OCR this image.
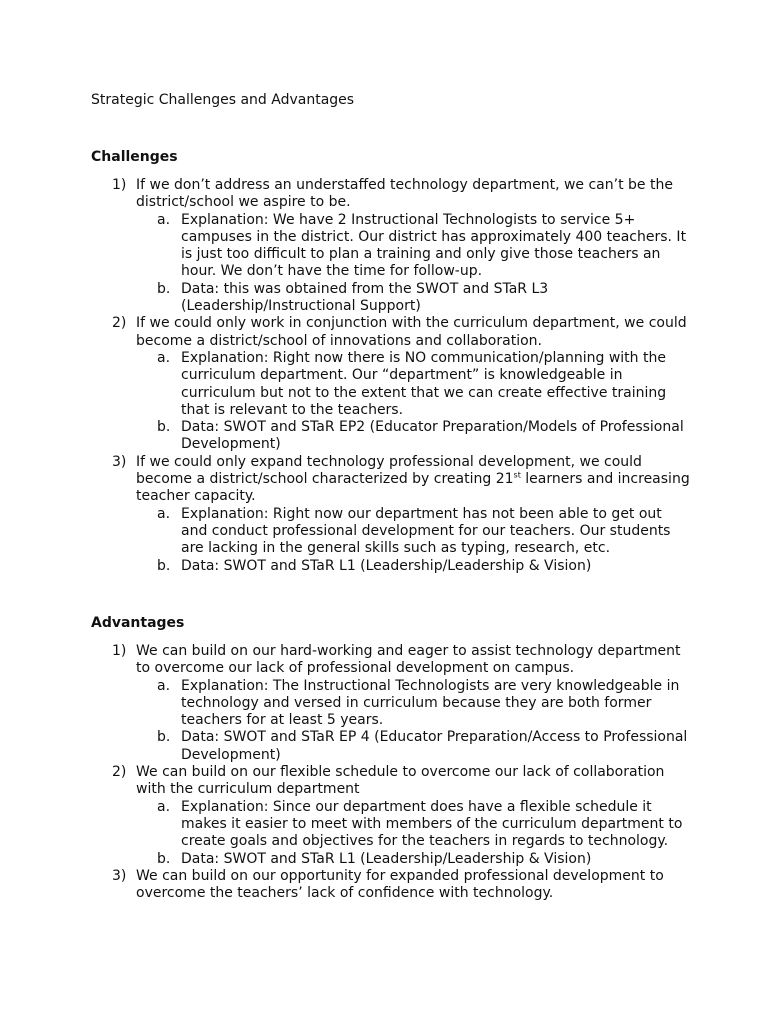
Strategic Challenges and Advantages
Challenges
1) If we don’t address an understaffed technology department, we can’t be the district/school we aspire to be.
a. Explanation: We have 2 Instructional Technologists to service 5+ campuses in the district. Our district has approximately 400 teachers. It is just too difficult to plan a training and only give those teachers an hour. We don’t have the time for follow-up.
b. Data: this was obtained from the SWOT and STaR L3 (Leadership/Instructional Support)
2) If we could only work in conjunction with the curriculum department, we could become a district/school of innovations and collaboration.
a. Explanation: Right now there is NO communication/planning with the curriculum department. Our “department” is knowledgeable in curriculum but not to the extent that we can create effective training that is relevant to the teachers.
b. Data: SWOT and STaR EP2 (Educator Preparation/Models of Professional Development)
3) If we could only expand technology professional development, we could become a district/school characterized by creating 21st learners and increasing teacher capacity.
a. Explanation: Right now our department has not been able to get out and conduct professional development for our teachers. Our students are lacking in the general skills such as typing, research, etc.
b. Data: SWOT and STaR L1 (Leadership/Leadership & Vision)
Advantages
1) We can build on our hard-working and eager to assist technology department to overcome our lack of professional development on campus.
a. Explanation: The Instructional Technologists are very knowledgeable in technology and versed in curriculum because they are both former teachers for at least 5 years.
b. Data: SWOT and STaR EP 4 (Educator Preparation/Access to Professional Development)
2) We can build on our flexible schedule to overcome our lack of collaboration with the curriculum department
a. Explanation: Since our department does have a flexible schedule it makes it easier to meet with members of the curriculum department to create goals and objectives for the teachers in regards to technology.
b. Data: SWOT and STaR L1 (Leadership/Leadership & Vision)
3) We can build on our opportunity for expanded professional development to overcome the teachers’ lack of confidence with technology.
